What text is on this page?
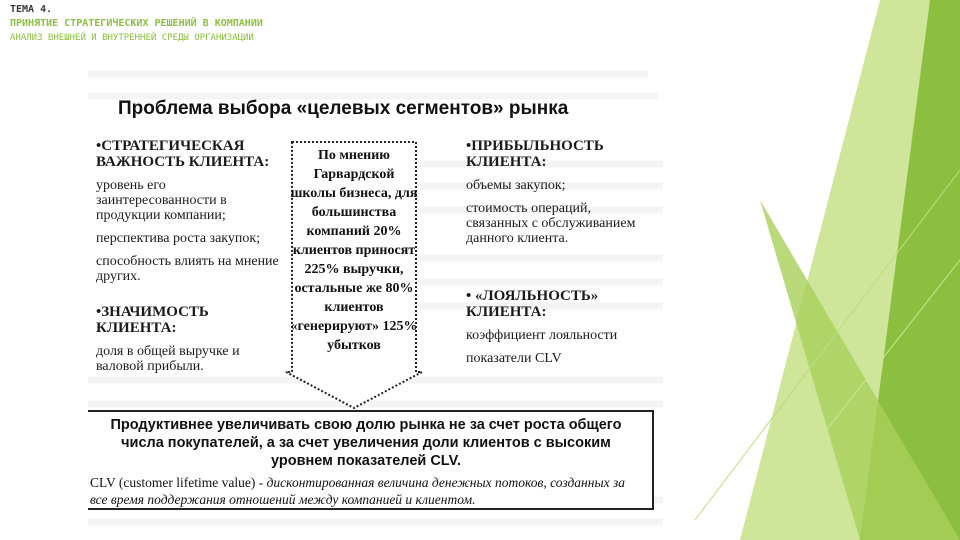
ТЕМА 4.
ПРИНЯТИЕ СТРАТЕГИЧЕСКИХ РЕШЕНИЙ В КОМПАНИИ
АНАЛИЗ ВНЕШНЕЙ И ВНУТРЕННЕЙ СРЕДЫ ОРГАНИЗАЦИИ
Проблема выбора «целевых сегментов» рынка
•СТРАТЕГИЧЕСКАЯ ВАЖНОСТЬ КЛИЕНТА:

уровень его заинтересованности в продукции компании;

перспектива роста закупок;

способность влиять на мнение других.

•ЗНАЧИМОСТЬ КЛИЕНТА:

доля в общей выручке и валовой прибыли.

По мнению Гарвардской школы бизнеса, для большинства компаний 20% клиентов приносят 225% выручки, остальные же 80% клиентов «генерируют» 125% убытков
•ПРИБЫЛЬНОСТЬ КЛИЕНТА:

объемы закупок;

стоимость операций, связанных с обслуживанием данного клиента.

• «ЛОЯЛЬНОСТЬ» КЛИЕНТА:

коэффициент лояльности

показатели CLV

Продуктивнее увеличивать свою долю рынка не за счет роста общего числа покупателей, а за счет увеличения доли клиентов с высоким уровнем показателей CLV.
CLV (customer lifetime value) - дисконтированная величина денежных потоков, созданных за все время поддержания отношений между компанией и клиентом.
